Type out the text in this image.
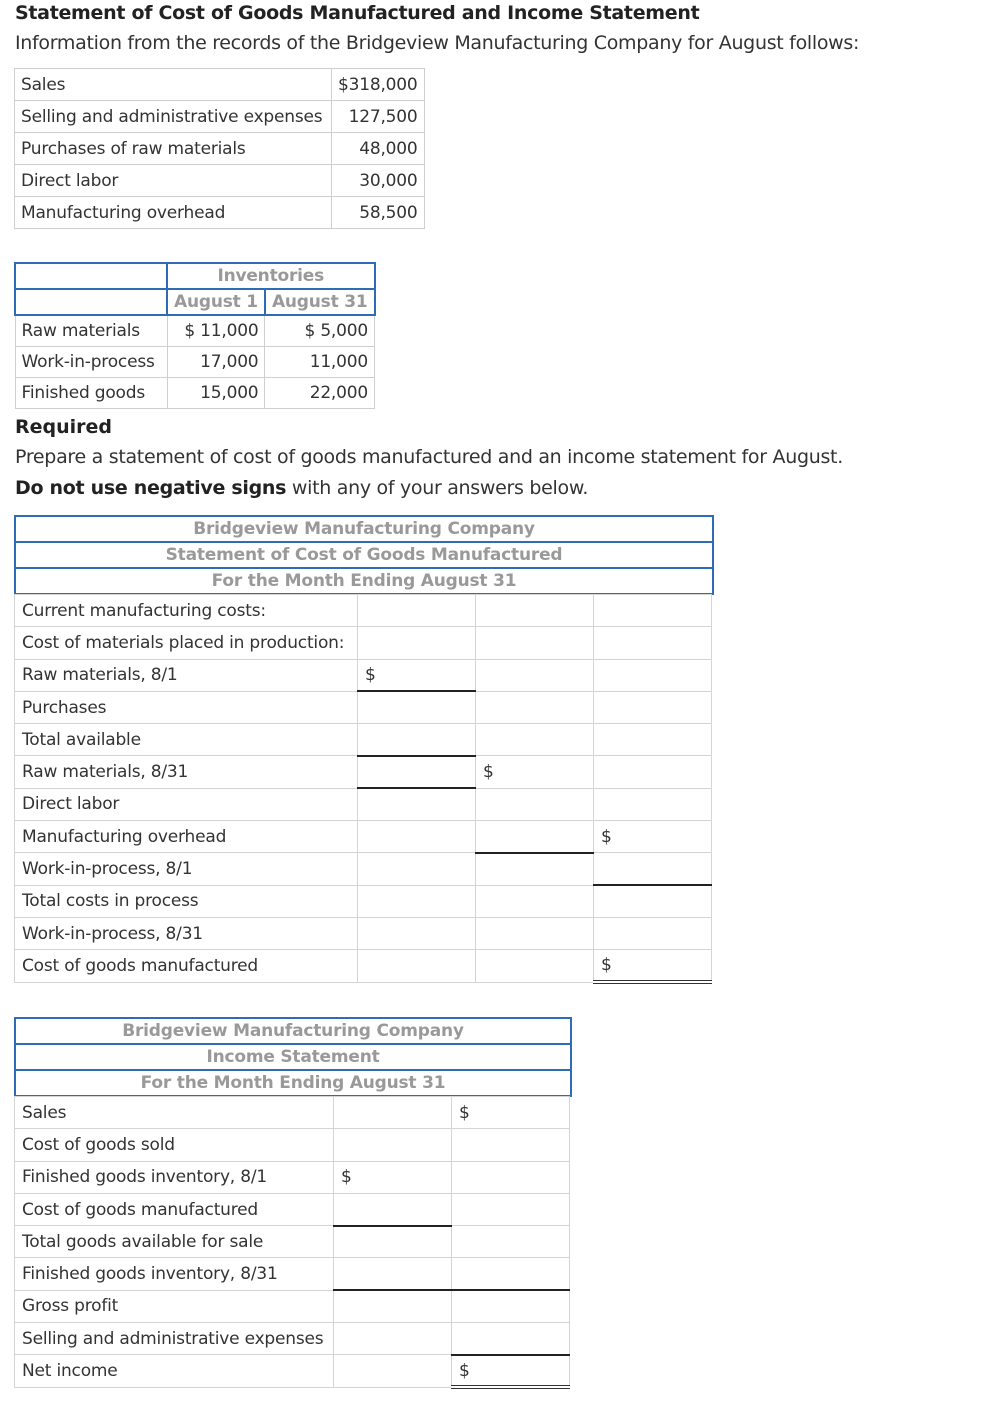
Statement of Cost of Goods Manufactured and Income Statement
Information from the records of the Bridgeview Manufacturing Company for August follows:
Sales	$318,000
Selling and administrative expenses	127,500
Purchases of raw materials	48,000
Direct labor	30,000
Manufacturing overhead	58,500
	Inventories	
	August 1	August 31
Raw materials	$ 11,000	$ 5,000
Work-in-process	17,000	11,000
Finished goods	15,000	22,000
Required
Prepare a statement of cost of goods manufactured and an income statement for August.
Do not use negative signs with any of your answers below.
Bridgeview Manufacturing Company
Statement of Cost of Goods Manufactured
For the Month Ending August 31
Current manufacturing costs:			
Cost of materials placed in production:			
Raw materials, 8/1	$		

Purchases			
Total available			
Raw materials, 8/31		$	

Direct labor			
Manufacturing overhead			$

Work-in-process, 8/1			
Total costs in process			
Work-in-process, 8/31			
Cost of goods manufactured			$
Bridgeview Manufacturing Company
Income Statement
For the Month Ending August 31
Sales		$

Cost of goods sold		
Finished goods inventory, 8/1	$	

Cost of goods manufactured		
Total goods available for sale		
Finished goods inventory, 8/31		
Gross profit		
Selling and administrative expenses		
Net income		$
